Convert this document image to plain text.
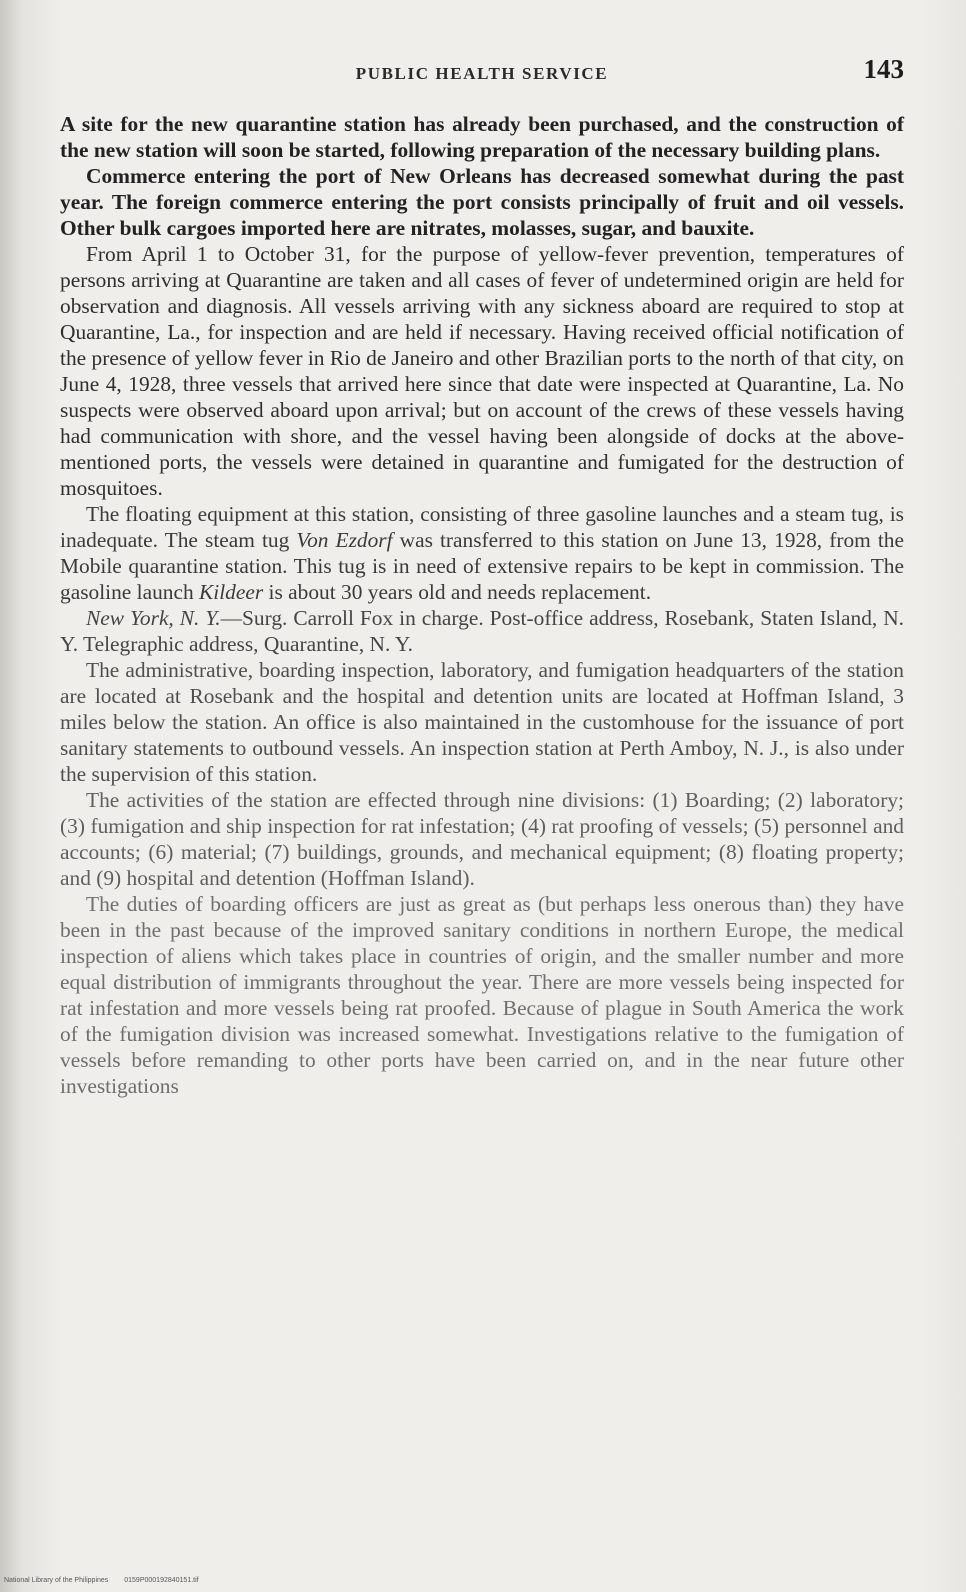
PUBLIC HEALTH SERVICE	143

A site for the new quarantine station has already been purchased, and the construction of the new station will soon be started, following preparation of the necessary building plans.

Commerce entering the port of New Orleans has decreased somewhat during the past year. The foreign commerce entering the port consists principally of fruit and oil vessels. Other bulk cargoes imported here are nitrates, molasses, sugar, and bauxite.

From April 1 to October 31, for the purpose of yellow-fever prevention, temperatures of persons arriving at Quarantine are taken and all cases of fever of undetermined origin are held for observation and diagnosis. All vessels arriving with any sickness aboard are required to stop at Quarantine, La., for inspection and are held if necessary. Having received official notification of the presence of yellow fever in Rio de Janeiro and other Brazilian ports to the north of that city, on June 4, 1928, three vessels that arrived here since that date were inspected at Quarantine, La. No suspects were observed aboard upon arrival; but on account of the crews of these vessels having had communication with shore, and the vessel having been alongside of docks at the above-mentioned ports, the vessels were detained in quarantine and fumigated for the destruction of mosquitoes.

The floating equipment at this station, consisting of three gasoline launches and a steam tug, is inadequate. The steam tug Von Ezdorf was transferred to this station on June 13, 1928, from the Mobile quarantine station. This tug is in need of extensive repairs to be kept in commission. The gasoline launch Kildeer is about 30 years old and needs replacement.

New York, N. Y.—Surg. Carroll Fox in charge. Post-office address, Rosebank, Staten Island, N. Y. Telegraphic address, Quarantine, N. Y.

The administrative, boarding inspection, laboratory, and fumigation headquarters of the station are located at Rosebank and the hospital and detention units are located at Hoffman Island, 3 miles below the station. An office is also maintained in the customhouse for the issuance of port sanitary statements to outbound vessels. An inspection station at Perth Amboy, N. J., is also under the supervision of this station.

The activities of the station are effected through nine divisions: (1) Boarding; (2) laboratory; (3) fumigation and ship inspection for rat infestation; (4) rat proofing of vessels; (5) personnel and accounts; (6) material; (7) buildings, grounds, and mechanical equipment; (8) floating property; and (9) hospital and detention (Hoffman Island).

The duties of boarding officers are just as great as (but perhaps less onerous than) they have been in the past because of the improved sanitary conditions in northern Europe, the medical inspection of aliens which takes place in countries of origin, and the smaller number and more equal distribution of immigrants throughout the year. There are more vessels being inspected for rat infestation and more vessels being rat proofed. Because of plague in South America the work of the fumigation division was increased somewhat. Investigations relative to the fumigation of vessels before remanding to other ports have been carried on, and in the near future other investigations

National Library of the Philippines 0159P000192840151.tif
